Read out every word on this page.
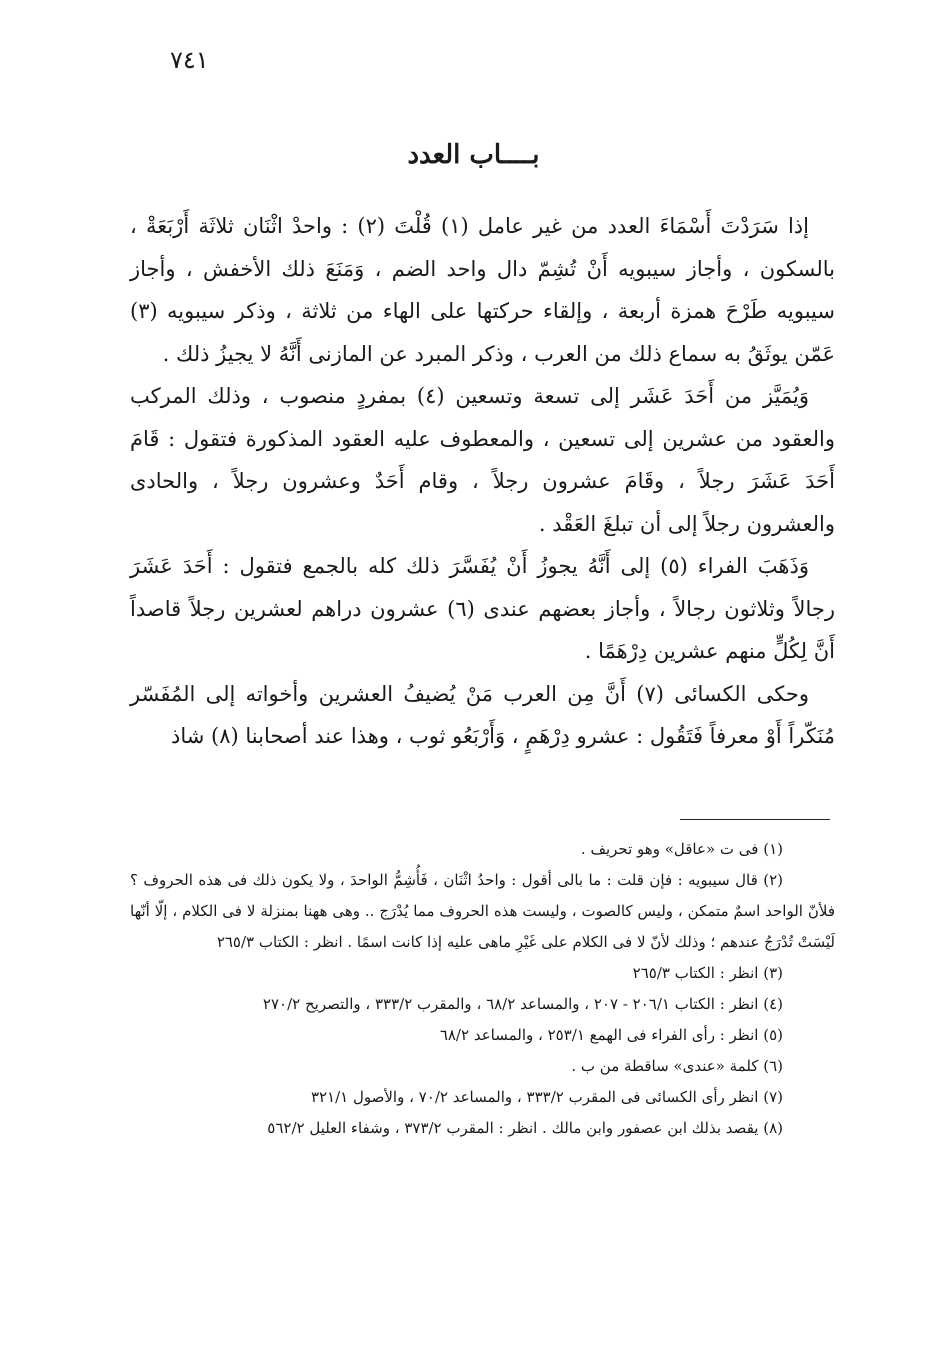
٧٤١
بــــاب العدد

إذا سَرَدْتَ أَسْمَاءَ العدد من غير عامل (١) قُلْتَ (٢) : واحدْ اثْنَان ثلاثَة أَرْبَعَةْ ، بالسكون ، وأجاز سيبويه أَنْ تُشِمّ دال واحد الضم ، وَمَنَعَ ذلك الأخفش ، وأجاز سيبويه طَرْحَ همزة أربعة ، وإلقاء حركتها على الهاء من ثلاثة ، وذكر سيبويه (٣) عَمّن يوثَقُ به سماع ذلك من العرب ، وذكر المبرد عن المازنى أَنَّهُ لا يجيزُ ذلك .

وَيُمَيَّز من أَحَدَ عَشَر إلى تسعة وتسعين (٤) بمفردٍ منصوب ، وذلك المركب والعقود من عشرين إلى تسعين ، والمعطوف عليه العقود المذكورة فتقول : قَامَ أَحَدَ عَشَرَ رجلاً ، وقَامَ عشرون رجلاً ، وقام أَحَدٌ وعشرون رجلاً ، والحادى والعشرون رجلاً إلى أن تبلغَ العَقْد .

وَذَهَبَ الفراء (٥) إلى أَنَّهُ يجوزُ أَنْ يُفَسَّرَ ذلك كله بالجمع فتقول : أَحَدَ عَشَرَ رجالاً وثلاثون رجالاً ، وأجاز بعضهم عندى (٦) عشرون دراهم لعشرين رجلاً قاصداً أَنَّ لِكُلٍّ منهم عشرين دِرْهَمًا .

وحكى الكسائى (٧) أَنَّ مِن العرب مَنْ يُضيفُ العشرين وأخواته إلى المُفَسّر مُنَكّراً أَوْ معرفاً فَتَقُول : عشرو دِرْهَمٍ ، وَأَرْبَعُو ثوب ، وهذا عند أصحابنا (٨) شاذ

(١) فى ت «عاقل» وهو تحريف .

(٢) قال سيبويه : فإن قلت : ما بالى أقول : واحدُ اثْنَان ، فَأُشِمُّ الواحدَ ، ولا يكون ذلك فى هذه الحروف ؟ فلأنّ الواحد اسمٌ متمكن ، وليس كالصوت ، وليست هذه الحروف مما يُدْرَج .. وهى ههنا بمنزلة لا فى الكلام ، إلّا أنّها لَيْسَتْ تُدْرَجُ عندهم ؛ وذلك لأنّ لا فى الكلام على غَيْرِ ماهى عليه إذا كانت اسمًا . انظر : الكتاب ٢٦٥/٣

(٣) انظر : الكتاب ٢٦٥/٣

(٤) انظر : الكتاب ٢٠٦/١ - ٢٠٧ ، والمساعد ٦٨/٢ ، والمقرب ٣٣٣/٢ ، والتصريح ٢٧٠/٢

(٥) انظر : رأى الفراء فى الهمع ٢٥٣/١ ، والمساعد ٦٨/٢

(٦) كلمة «عندى» ساقطة من ب .

(٧) انظر رأى الكسائى فى المقرب ٣٣٣/٢ ، والمساعد ٧٠/٢ ، والأصول ٣٢١/١

(٨) يقصد بذلك ابن عصفور وابن مالك . انظر : المقرب ٣٧٣/٢ ، وشفاء العليل ٥٦٢/٢
